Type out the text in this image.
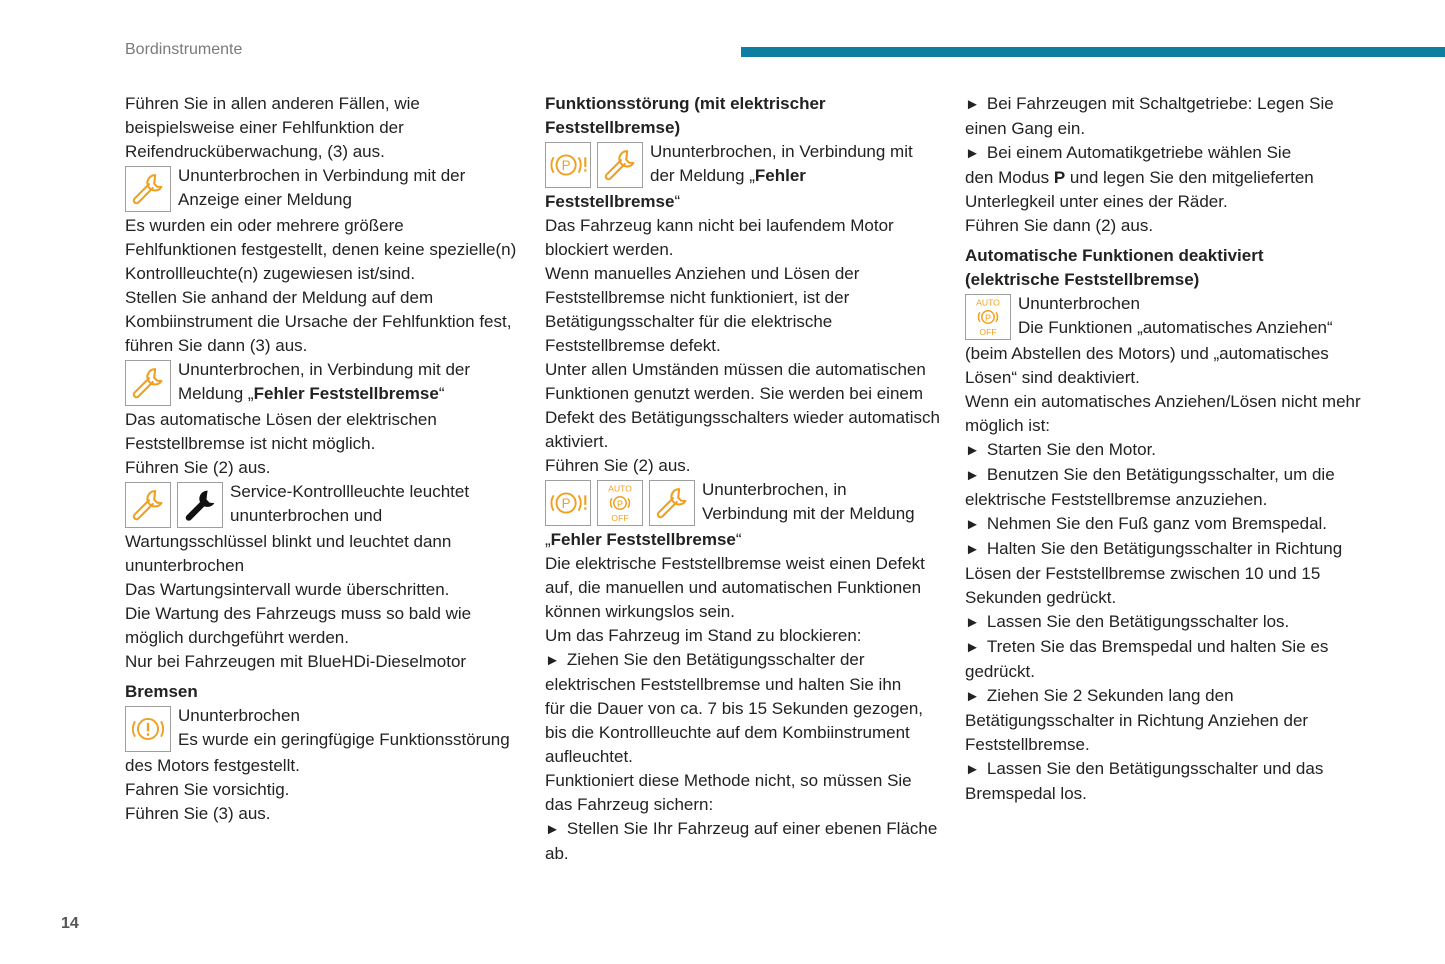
Bordinstrumente

Führen Sie in allen anderen Fällen, wie
beispielsweise einer Fehlfunktion der
Reifendrucküberwachung, (3) aus.

Ununterbrochen in Verbindung mit der
Anzeige einer Meldung

Es wurden ein oder mehrere größere
Fehlfunktionen festgestellt, denen keine spezielle(n)
Kontrollleuchte(n) zugewiesen ist/sind.
Stellen Sie anhand der Meldung auf dem
Kombiinstrument die Ursache der Fehlfunktion fest,
führen Sie dann (3) aus.

Ununterbrochen, in Verbindung mit der
Meldung „Fehler Feststellbremse“

Das automatische Lösen der elektrischen
Feststellbremse ist nicht möglich.
Führen Sie (2) aus.

Service-Kontrollleuchte leuchtet
ununterbrochen und

Wartungsschlüssel blinkt und leuchtet dann
ununterbrochen
Das Wartungsintervall wurde überschritten.
Die Wartung des Fahrzeugs muss so bald wie
möglich durchgeführt werden.
Nur bei Fahrzeugen mit BlueHDi-Dieselmotor

Bremsen

Ununterbrochen
Es wurde ein geringfügige Funktionsstörung

des Motors festgestellt.
Fahren Sie vorsichtig.
Führen Sie (3) aus.

Funktionsstörung (mit elektrischer
Feststellbremse)

Ununterbrochen, in Verbindung mit
der Meldung „Fehler

Feststellbremse“
Das Fahrzeug kann nicht bei laufendem Motor
blockiert werden.
Wenn manuelles Anziehen und Lösen der
Feststellbremse nicht funktioniert, ist der
Betätigungsschalter für die elektrische
Feststellbremse defekt.
Unter allen Umständen müssen die automatischen
Funktionen genutzt werden. Sie werden bei einem
Defekt des Betätigungsschalters wieder automatisch
aktiviert.
Führen Sie (2) aus.

Ununterbrochen, in
Verbindung mit der Meldung

„Fehler Feststellbremse“
Die elektrische Feststellbremse weist einen Defekt
auf, die manuellen und automatischen Funktionen
können wirkungslos sein.
Um das Fahrzeug im Stand zu blockieren:

► Ziehen Sie den Betätigungsschalter der
elektrischen Feststellbremse und halten Sie ihn
für die Dauer von ca. 7 bis 15 Sekunden gezogen,
bis die Kontrollleuchte auf dem Kombiinstrument
aufleuchtet.

Funktioniert diese Methode nicht, so müssen Sie
das Fahrzeug sichern:

► Stellen Sie Ihr Fahrzeug auf einer ebenen Fläche
ab.

► Bei Fahrzeugen mit Schaltgetriebe: Legen Sie
einen Gang ein.

► Bei einem Automatikgetriebe wählen Sie
den Modus P und legen Sie den mitgelieferten
Unterlegkeil unter eines der Räder.

Führen Sie dann (2) aus.

Automatische Funktionen deaktiviert
(elektrische Feststellbremse)

Ununterbrochen
Die Funktionen „automatisches Anziehen“

(beim Abstellen des Motors) und „automatisches
Lösen“ sind deaktiviert.
Wenn ein automatisches Anziehen/Lösen nicht mehr
möglich ist:

► Starten Sie den Motor.

► Benutzen Sie den Betätigungsschalter, um die
elektrische Feststellbremse anzuziehen.

► Nehmen Sie den Fuß ganz vom Bremspedal.

► Halten Sie den Betätigungsschalter in Richtung
Lösen der Feststellbremse zwischen 10 und 15
Sekunden gedrückt.

► Lassen Sie den Betätigungsschalter los.

► Treten Sie das Bremspedal und halten Sie es
gedrückt.

► Ziehen Sie 2 Sekunden lang den
Betätigungsschalter in Richtung Anziehen der
Feststellbremse.

► Lassen Sie den Betätigungsschalter und das
Bremspedal los.

14
